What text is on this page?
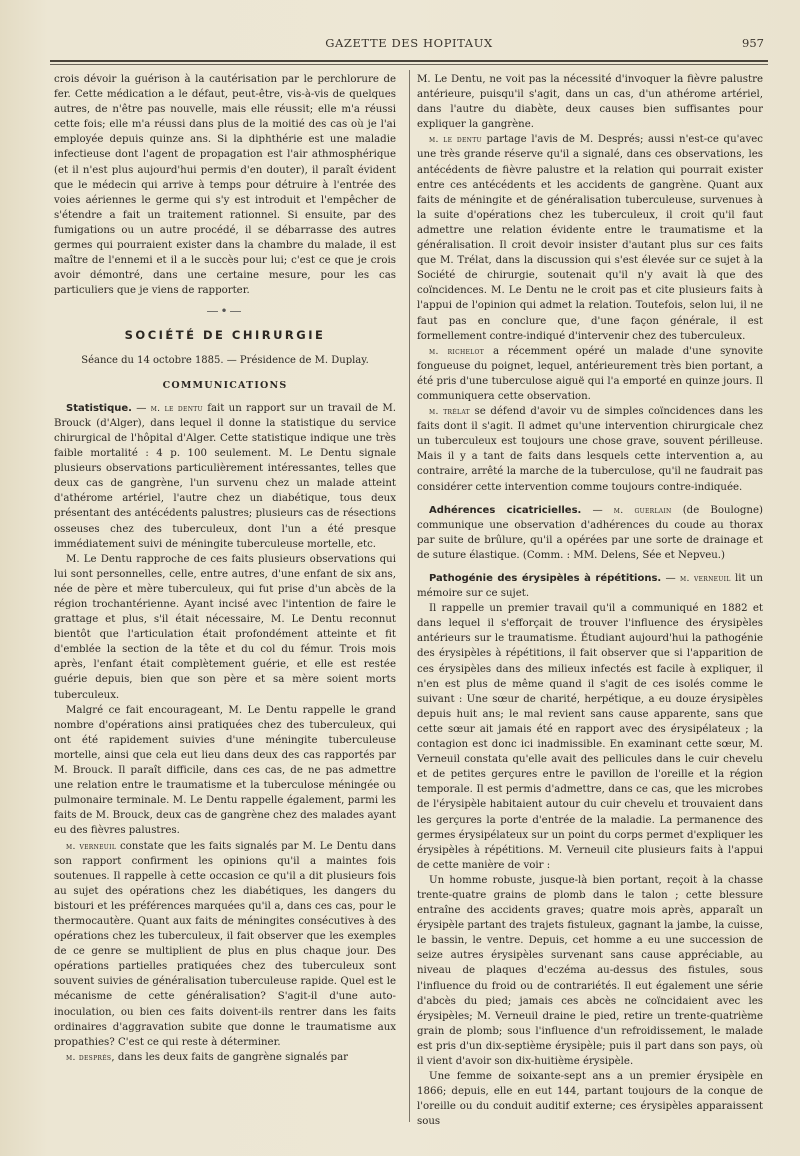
GAZETTE DES HOPITAUX	957

crois dévoir la guérison à la cautérisation par le perchlorure de fer. Cette médication a le défaut, peut-être, vis-à-vis de quelques autres, de n'être pas nouvelle, mais elle réussit; elle m'a réussi cette fois; elle m'a réussi dans plus de la moitié des cas où je l'ai employée depuis quinze ans. Si la diphthérie est une maladie infectieuse dont l'agent de propagation est l'air athmosphérique (et il n'est plus aujourd'hui permis d'en douter), il paraît évident que le médecin qui arrive à temps pour détruire à l'entrée des voies aériennes le germe qui s'y est introduit et l'empêcher de s'étendre a fait un traitement rationnel. Si ensuite, par des fumigations ou un autre procédé, il se débarrasse des autres germes qui pourraient exister dans la chambre du malade, il est maître de l'ennemi et il a le succès pour lui; c'est ce que je crois avoir démontré, dans une certaine mesure, pour les cas particuliers que je viens de rapporter.

—•—
SOCIÉTÉ DE CHIRURGIE
Séance du 14 octobre 1885. — Présidence de M. Duplay.
COMMUNICATIONS

Statistique. — m. le dentu fait un rapport sur un travail de M. Brouck (d'Alger), dans lequel il donne la statistique du service chirurgical de l'hôpital d'Alger. Cette statistique indique une très faible mortalité : 4 p. 100 seulement. M. Le Dentu signale plusieurs observations particulièrement intéressantes, telles que deux cas de gangrène, l'un survenu chez un malade atteint d'athérome artériel, l'autre chez un diabétique, tous deux présentant des antécédents palustres; plusieurs cas de résections osseuses chez des tuberculeux, dont l'un a été presque immédiatement suivi de méningite tuberculeuse mortelle, etc.

M. Le Dentu rapproche de ces faits plusieurs observations qui lui sont personnelles, celle, entre autres, d'une enfant de six ans, née de père et mère tuberculeux, qui fut prise d'un abcès de la région trochantérienne. Ayant incisé avec l'intention de faire le grattage et plus, s'il était nécessaire, M. Le Dentu reconnut bientôt que l'articulation était profondément atteinte et fit d'emblée la section de la tête et du col du fémur. Trois mois après, l'enfant était complètement guérie, et elle est restée guérie depuis, bien que son père et sa mère soient morts tuberculeux.

Malgré ce fait encourageant, M. Le Dentu rappelle le grand nombre d'opérations ainsi pratiquées chez des tuberculeux, qui ont été rapidement suivies d'une méningite tuberculeuse mortelle, ainsi que cela eut lieu dans deux des cas rapportés par M. Brouck. Il paraît difficile, dans ces cas, de ne pas admettre une relation entre le traumatisme et la tuberculose méningée ou pulmonaire terminale. M. Le Dentu rappelle également, parmi les faits de M. Brouck, deux cas de gangrène chez des malades ayant eu des fièvres palustres.

m. verneuil constate que les faits signalés par M. Le Dentu dans son rapport confirment les opinions qu'il a maintes fois soutenues. Il rappelle à cette occasion ce qu'il a dit plusieurs fois au sujet des opérations chez les diabétiques, les dangers du bistouri et les préférences marquées qu'il a, dans ces cas, pour le thermocautère. Quant aux faits de méningites consécutives à des opérations chez les tuberculeux, il fait observer que les exemples de ce genre se multiplient de plus en plus chaque jour. Des opérations partielles pratiquées chez des tuberculeux sont souvent suivies de généralisation tuberculeuse rapide. Quel est le mécanisme de cette généralisation? S'agit-il d'une auto-inoculation, ou bien ces faits doivent-ils rentrer dans les faits ordinaires d'aggravation subite que donne le traumatisme aux propathies? C'est ce qui reste à déterminer.

m. després, dans les deux faits de gangrène signalés par

M. Le Dentu, ne voit pas la nécessité d'invoquer la fièvre palustre antérieure, puisqu'il s'agit, dans un cas, d'un athérome artériel, dans l'autre du diabète, deux causes bien suffisantes pour expliquer la gangrène.

m. le dentu partage l'avis de M. Després; aussi n'est-ce qu'avec une très grande réserve qu'il a signalé, dans ces observations, les antécédents de fièvre palustre et la relation qui pourrait exister entre ces antécédents et les accidents de gangrène. Quant aux faits de méningite et de généralisation tuberculeuse, survenues à la suite d'opérations chez les tuberculeux, il croit qu'il faut admettre une relation évidente entre le traumatisme et la généralisation. Il croit devoir insister d'autant plus sur ces faits que M. Trélat, dans la discussion qui s'est élevée sur ce sujet à la Société de chirurgie, soutenait qu'il n'y avait là que des coïncidences. M. Le Dentu ne le croit pas et cite plusieurs faits à l'appui de l'opinion qui admet la relation. Toutefois, selon lui, il ne faut pas en conclure que, d'une façon générale, il est formellement contre-indiqué d'intervenir chez des tuberculeux.

m. richelot a récemment opéré un malade d'une synovite fongueuse du poignet, lequel, antérieurement très bien portant, a été pris d'une tuberculose aiguë qui l'a emporté en quinze jours. Il communiquera cette observation.

m. trélat se défend d'avoir vu de simples coïncidences dans les faits dont il s'agit. Il admet qu'une intervention chirurgicale chez un tuberculeux est toujours une chose grave, souvent périlleuse. Mais il y a tant de faits dans lesquels cette intervention a, au contraire, arrêté la marche de la tuberculose, qu'il ne faudrait pas considérer cette intervention comme toujours contre-indiquée.

Adhérences cicatricielles. — m. guerlain (de Boulogne) communique une observation d'adhérences du coude au thorax par suite de brûlure, qu'il a opérées par une sorte de drainage et de suture élastique. (Comm. : MM. Delens, Sée et Nepveu.)

Pathogénie des érysipèles à répétitions. — m. verneuil lit un mémoire sur ce sujet.

Il rappelle un premier travail qu'il a communiqué en 1882 et dans lequel il s'efforçait de trouver l'influence des érysipèles antérieurs sur le traumatisme. Étudiant aujourd'hui la pathogénie des érysipèles à répétitions, il fait observer que si l'apparition de ces érysipèles dans des milieux infectés est facile à expliquer, il n'en est plus de même quand il s'agit de ces isolés comme le suivant : Une sœur de charité, herpétique, a eu douze érysipèles depuis huit ans; le mal revient sans cause apparente, sans que cette sœur ait jamais été en rapport avec des érysipélateux ; la contagion est donc ici inadmissible. En examinant cette sœur, M. Verneuil constata qu'elle avait des pellicules dans le cuir chevelu et de petites gerçures entre le pavillon de l'oreille et la région temporale. Il est permis d'admettre, dans ce cas, que les microbes de l'érysipèle habitaient autour du cuir chevelu et trouvaient dans les gerçures la porte d'entrée de la maladie. La permanence des germes érysipélateux sur un point du corps permet d'expliquer les érysipèles à répétitions. M. Verneuil cite plusieurs faits à l'appui de cette manière de voir :

Un homme robuste, jusque-là bien portant, reçoit à la chasse trente-quatre grains de plomb dans le talon ; cette blessure entraîne des accidents graves; quatre mois après, apparaît un érysipèle partant des trajets fistuleux, gagnant la jambe, la cuisse, le bassin, le ventre. Depuis, cet homme a eu une succession de seize autres érysipèles survenant sans cause appréciable, au niveau de plaques d'eczéma au-dessus des fistules, sous l'influence du froid ou de contrariétés. Il eut également une série d'abcès du pied; jamais ces abcès ne coïncidaient avec les érysipèles; M. Verneuil draine le pied, retire un trente-quatrième grain de plomb; sous l'influence d'un refroidissement, le malade est pris d'un dix-septième érysipèle; puis il part dans son pays, où il vient d'avoir son dix-huitième érysipèle.

Une femme de soixante-sept ans a un premier érysipèle en 1866; depuis, elle en eut 144, partant toujours de la conque de l'oreille ou du conduit auditif externe; ces érysipèles apparaissent sous
